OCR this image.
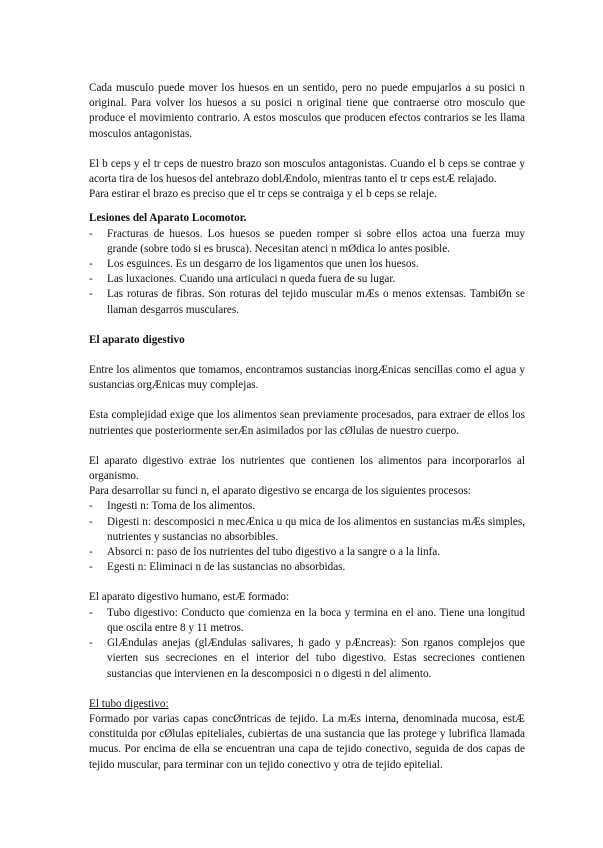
Cada musculo puede mover los huesos en un sentido, pero no puede empujarlos a su posici n original. Para volver los huesos a su posici n original tiene que contraerse otro mosculo que produce el movimiento contrario. A estos mosculos que producen efectos contrarios se les llama mosculos antagonistas.

El b ceps y el tr ceps de nuestro brazo son mosculos antagonistas. Cuando el b ceps se contrae y acorta tira de los huesos del antebrazo doblÆndolo, mientras tanto el tr ceps estÆ relajado.

Para estirar el brazo es preciso que el tr ceps se contraiga y el b ceps se relaje.

Lesiones del Aparato Locomotor.
- Fracturas de huesos. Los huesos se pueden romper si sobre ellos actoa una fuerza muy grande (sobre todo si es brusca). Necesitan atenci n mØdica lo antes posible.
- Los esguinces. Es un desgarro de los ligamentos que unen los huesos.
- Las luxaciones. Cuando una articulaci n queda fuera de su lugar.
- Las roturas de fibras. Son roturas del tejido muscular mÆs o menos extensas. TambiØn se llaman desgarros musculares.
El aparato digestivo

Entre los alimentos que tomamos, encontramos sustancias inorgÆnicas sencillas como el agua y sustancias orgÆnicas muy complejas.

Esta complejidad exige que los alimentos sean previamente procesados, para extraer de ellos los nutrientes que posteriormente serÆn asimilados por las cØlulas de nuestro cuerpo.

El aparato digestivo extrae los nutrientes que contienen los alimentos para incorporarlos al organismo.

Para desarrollar su funci n, el aparato digestivo se encarga de los siguientes procesos:

- Ingesti n: Toma de los alimentos.
- Digesti n: descomposici n mecÆnica u qu mica de los alimentos en sustancias mÆs simples, nutrientes y sustancias no absorbibles.
- Absorci n: paso de los nutrientes del tubo digestivo a la sangre o a la linfa.
- Egesti n: Eliminaci n de las sustancias no absorbidas.

El aparato digestivo humano, estÆ formado:

- Tubo digestivo: Conducto que comienza en la boca y termina en el ano. Tiene una longitud que oscila entre 8 y 11 metros.
- GlÆndulas anejas (glÆndulas salivares, h gado y pÆncreas): Son rganos complejos que vierten sus secreciones en el interior del tubo digestivo. Estas secreciones contienen sustancias que intervienen en la descomposici n o digesti n del alimento.

El tubo digestivo:

Formado por varias capas concØntricas de tejido. La mÆs interna, denominada mucosa, estÆ constituida por cØlulas epiteliales, cubiertas de una sustancia que las protege y lubrifica llamada mucus. Por encima de ella se encuentran una capa de tejido conectivo, seguida de dos capas de tejido muscular, para terminar con un tejido conectivo y otra de tejido epitelial.
